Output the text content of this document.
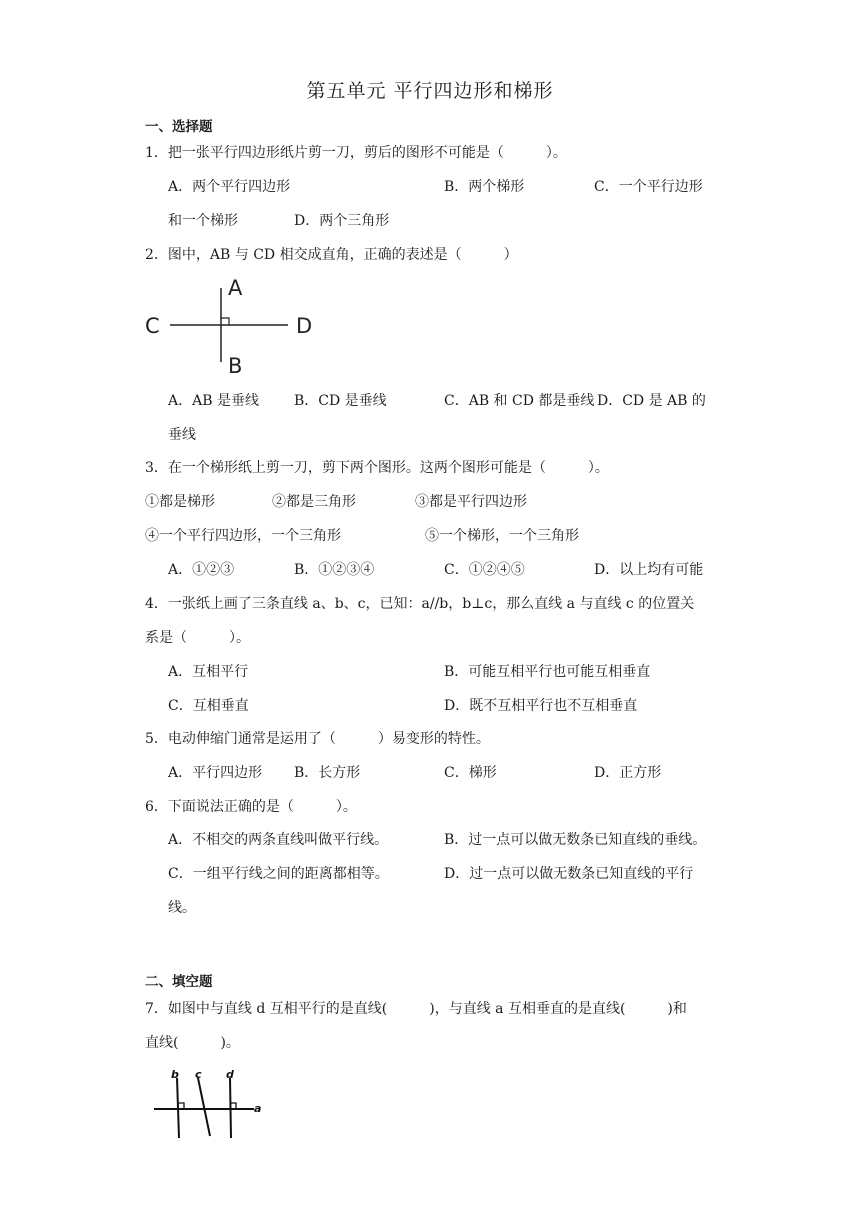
第五单元 平行四边形和梯形
一、选择题
1．把一张平行四边形纸片剪一刀，剪后的图形不可能是（　　　）。
A．两个平行四边形	B．两个梯形	C．一个平行边形
和一个梯形	D．两个三角形
2．图中，AB 与 CD 相交成直角，正确的表述是（　　　）
A
B
C	D
A．AB 是垂线	B．CD 是垂线	C．AB 和 CD 都是垂线 D．CD 是 AB 的
垂线
3．在一个梯形纸上剪一刀，剪下两个图形。这两个图形可能是（　　　）。
①都是梯形	②都是三角形	③都是平行四边形
④一个平行四边形，一个三角形	⑤一个梯形，一个三角形
A．①②③	B．①②③④	C．①②④⑤	D．以上均有可能
4．一张纸上画了三条直线 a、b、c，已知：a//b，b⊥c，那么直线 a 与直线 c 的位置关
系是（　　　）。
A．互相平行	B．可能互相平行也可能互相垂直
C．互相垂直	D．既不互相平行也不互相垂直
5．电动伸缩门通常是运用了（　　　）易变形的特性。
A．平行四边形 B．长方形	C．梯形	D．正方形
6．下面说法正确的是（　　　）。
A．不相交的两条直线叫做平行线。	B．过一点可以做无数条已知直线的垂线。
C．一组平行线之间的距离都相等。	D．过一点可以做无数条已知直线的平行
线。
二、填空题
7．如图中与直线 d 互相平行的是直线(　　　)，与直线 a 互相垂直的是直线(　　　)和
直线(　　　)。
b c d
a
